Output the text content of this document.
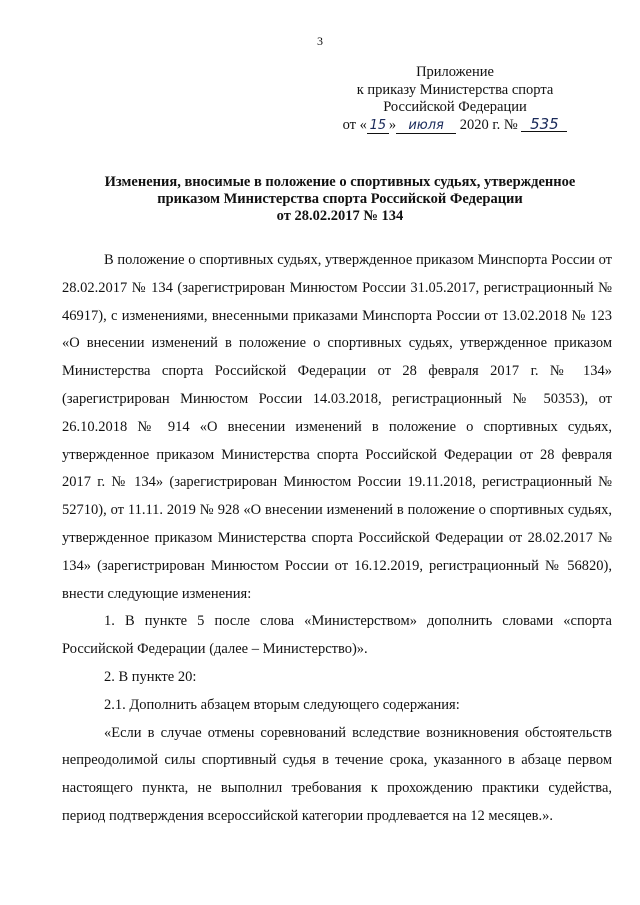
3
Приложение
к приказу Министерства спорта
Российской Федерации
от « 15 » июля 2020 г. № 535
Изменения, вносимые в положение о спортивных судьях, утвержденное
приказом Министерства спорта Российской Федерации
от 28.02.2017 № 134

В положение о спортивных судьях, утвержденное приказом Минспорта России от 28.02.2017 № 134 (зарегистрирован Минюстом России 31.05.2017, регистрационный № 46917), с изменениями, внесенными приказами Минспорта России от 13.02.2018 № 123 «О внесении изменений в положение о спортивных судьях, утвержденное приказом Министерства спорта Российской Федерации от 28 февраля 2017 г. № 134» (зарегистрирован Минюстом России 14.03.2018, регистрационный № 50353), от 26.10.2018 № 914 «О внесении изменений в положение о спортивных судьях, утвержденное приказом Министерства спорта Российской Федерации от 28 февраля 2017 г. № 134» (зарегистрирован Минюстом России 19.11.2018, регистрационный № 52710), от 11.11. 2019 № 928 «О внесении изменений в положение о спортивных судьях, утвержденное приказом Министерства спорта Российской Федерации от 28.02.2017 № 134» (зарегистрирован Минюстом России от 16.12.2019, регистрационный № 56820), внести следующие изменения:

1. В пункте 5 после слова «Министерством» дополнить словами «спорта Российской Федерации (далее – Министерство)».

2. В пункте 20:

2.1. Дополнить абзацем вторым следующего содержания:

«Если в случае отмены соревнований вследствие возникновения обстоятельств непреодолимой силы спортивный судья в течение срока, указанного в абзаце первом настоящего пункта, не выполнил требования к прохождению практики судейства, период подтверждения всероссийской категории продлевается на 12 месяцев.».
